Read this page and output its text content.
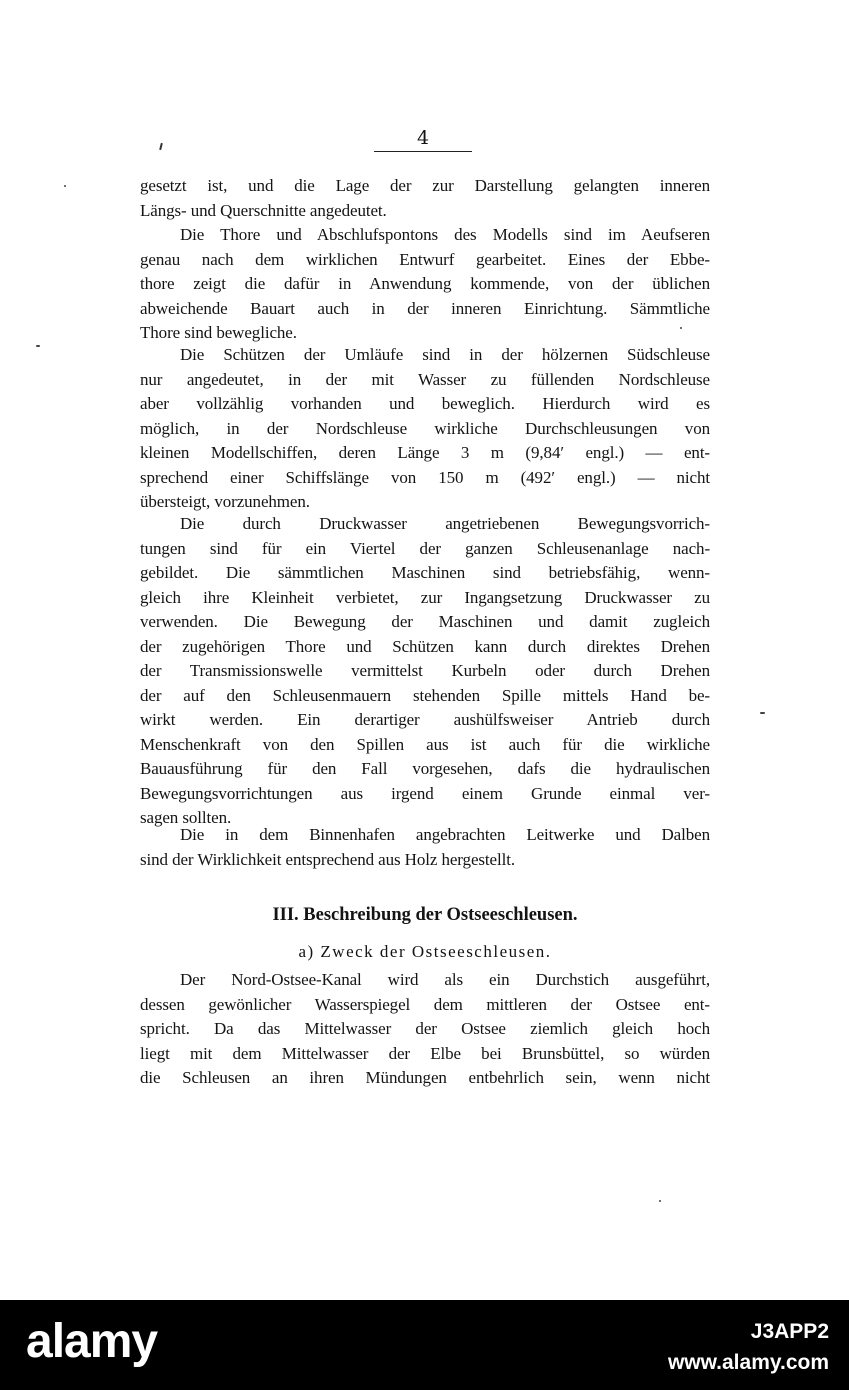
4
gesetzt ist, und die Lage der zur Darstellung gelangten inneren
Längs- und Querschnitte angedeutet.
Die Thore und Abschlufspontons des Modells sind im Aeufseren
genau nach dem wirklichen Entwurf gearbeitet. Eines der Ebbe-
thore zeigt die dafür in Anwendung kommende, von der üblichen
abweichende Bauart auch in der inneren Einrichtung. Sämmtliche
Thore sind bewegliche.
Die Schützen der Umläufe sind in der hölzernen Südschleuse
nur angedeutet, in der mit Wasser zu füllenden Nordschleuse
aber vollzählig vorhanden und beweglich. Hierdurch wird es
möglich, in der Nordschleuse wirkliche Durchschleusungen von
kleinen Modellschiffen, deren Länge 3 m (9,84′ engl.) — ent-
sprechend einer Schiffslänge von 150 m (492′ engl.) — nicht
übersteigt, vorzunehmen.
Die durch Druckwasser angetriebenen Bewegungsvorrich-
tungen sind für ein Viertel der ganzen Schleusenanlage nach-
gebildet. Die sämmtlichen Maschinen sind betriebsfähig, wenn-
gleich ihre Kleinheit verbietet, zur Ingangsetzung Druckwasser zu
verwenden. Die Bewegung der Maschinen und damit zugleich
der zugehörigen Thore und Schützen kann durch direktes Drehen
der Transmissionswelle vermittelst Kurbeln oder durch Drehen
der auf den Schleusenmauern stehenden Spille mittels Hand be-
wirkt werden. Ein derartiger aushülfsweiser Antrieb durch
Menschenkraft von den Spillen aus ist auch für die wirkliche
Bauausführung für den Fall vorgesehen, dafs die hydraulischen
Bewegungsvorrichtungen aus irgend einem Grunde einmal ver-
sagen sollten.
Die in dem Binnenhafen angebrachten Leitwerke und Dalben
sind der Wirklichkeit entsprechend aus Holz hergestellt.
III. Beschreibung der Ostseeschleusen.
a) Zweck der Ostseeschleusen.
Der Nord-Ostsee-Kanal wird als ein Durchstich ausgeführt,
dessen gewönlicher Wasserspiegel dem mittleren der Ostsee ent-
spricht. Da das Mittelwasser der Ostsee ziemlich gleich hoch
liegt mit dem Mittelwasser der Elbe bei Brunsbüttel, so würden
die Schleusen an ihren Mündungen entbehrlich sein, wenn nicht
alamy	J3APP2
www.alamy.com
